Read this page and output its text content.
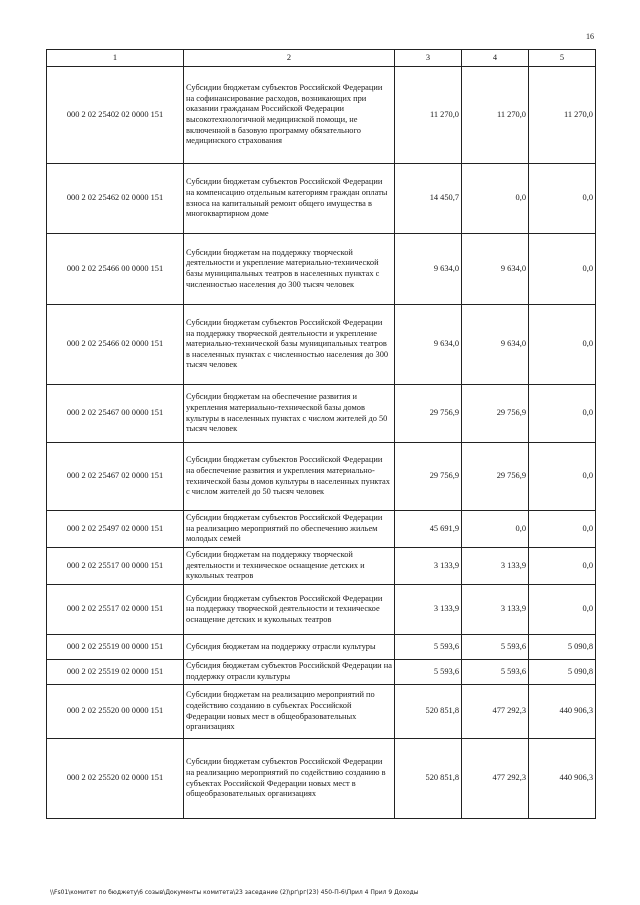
16
1	2	3	4	5
000 2 02 25402 02 0000 151	Субсидии бюджетам субъектов Российской Федерации на софинансирование расходов, возникающих при оказании гражданам Российской Федерации высокотехнологичной медицинской помощи, не включенной в базовую программу обязательного медицинского страхования	11 270,0	11 270,0	11 270,0
000 2 02 25462 02 0000 151	Субсидии бюджетам субъектов Российской Федерации на компенсацию отдельным категориям граждан оплаты взноса на капитальный ремонт общего имущества в многоквартирном доме	14 450,7	0,0	0,0
000 2 02 25466 00 0000 151	Субсидии бюджетам на поддержку творческой деятельности и укрепление материально-технической базы муниципальных театров в населенных пунктах с численностью населения до 300 тысяч человек	9 634,0	9 634,0	0,0
000 2 02 25466 02 0000 151	Субсидии бюджетам субъектов Российской Федерации на поддержку творческой деятельности и укрепление материально-технической базы муниципальных театров в населенных пунктах с численностью населения до 300 тысяч человек	9 634,0	9 634,0	0,0
000 2 02 25467 00 0000 151	Субсидии бюджетам на обеспечение развития и укрепления материально-технической базы домов культуры в населенных пунктах с числом жителей до 50 тысяч человек	29 756,9	29 756,9	0,0
000 2 02 25467 02 0000 151	Субсидии бюджетам субъектов Российской Федерации на обеспечение развития и укрепления материально-технической базы домов культуры в населенных пунктах с числом жителей до 50 тысяч человек	29 756,9	29 756,9	0,0
000 2 02 25497 02 0000 151	Субсидии бюджетам субъектов Российской Федерации на реализацию мероприятий по обеспечению жильем молодых семей	45 691,9	0,0	0,0
000 2 02 25517 00 0000 151	Субсидии бюджетам на поддержку творческой деятельности и техническое оснащение детских и кукольных театров	3 133,9	3 133,9	0,0
000 2 02 25517 02 0000 151	Субсидии бюджетам субъектов Российской Федерации на поддержку творческой деятельности и техническое оснащение детских и кукольных театров	3 133,9	3 133,9	0,0
000 2 02 25519 00 0000 151	Субсидия бюджетам на поддержку отрасли культуры	5 593,6	5 593,6	5 090,8
000 2 02 25519 02 0000 151	Субсидия бюджетам субъектов Российской Федерации на поддержку отрасли культуры	5 593,6	5 593,6	5 090,8
000 2 02 25520 00 0000 151	Субсидии бюджетам на реализацию мероприятий по содействию созданию в субъектах Российской Федерации новых мест в общеобразовательных организациях	520 851,8	477 292,3	440 906,3
000 2 02 25520 02 0000 151	Субсидии бюджетам субъектов Российской Федерации на реализацию мероприятий по содействию созданию в субъектах Российской Федерации новых мест в общеобразовательных организациях	520 851,8	477 292,3	440 906,3
\\Fs01\комитет по бюджету\6 созыв\Документы комитета\23 заседание (2)\рг\рг(23) 450-П-6\Прил 4 Прил 9 Доходы
